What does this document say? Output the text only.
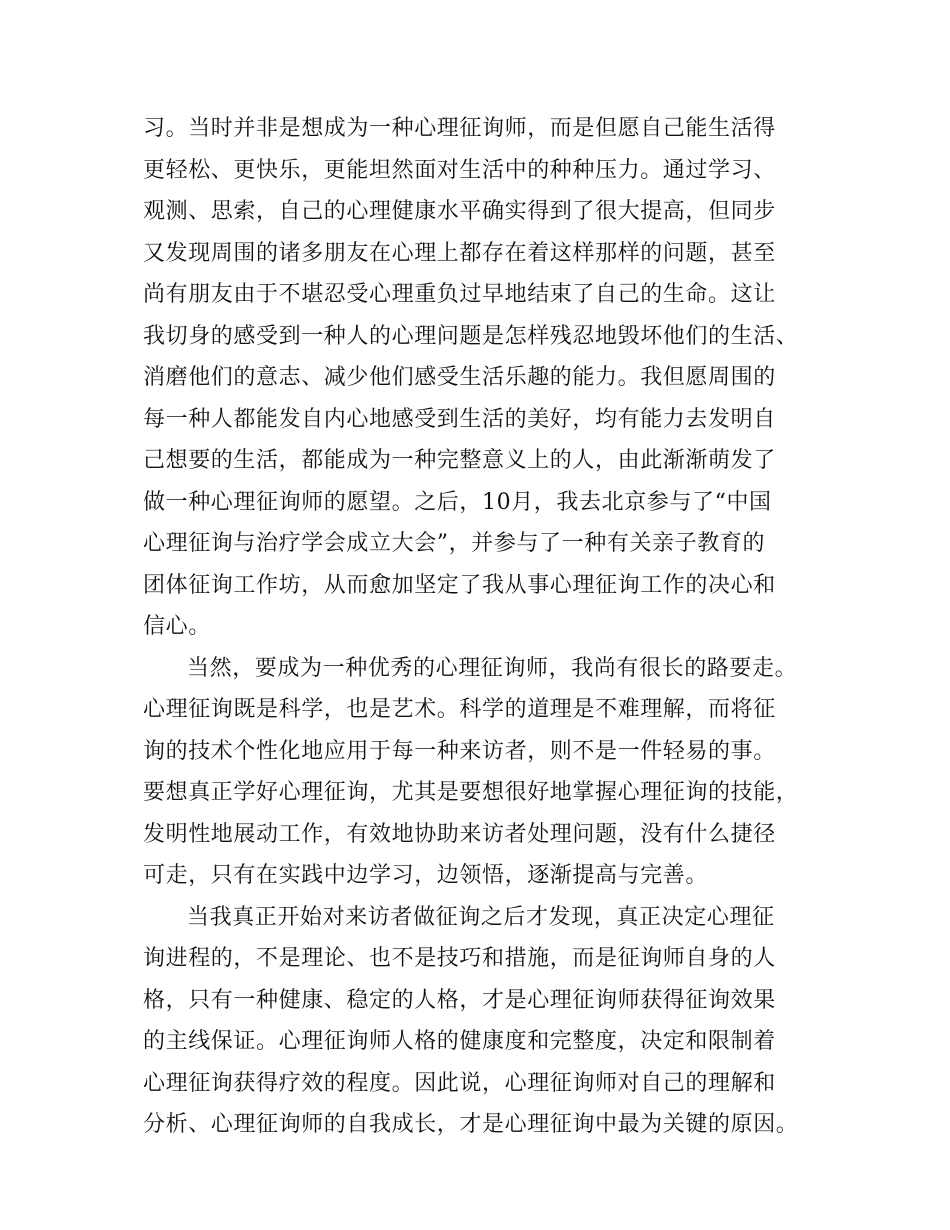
习。当时并非是想成为一种心理征询师，而是但愿自己能生活得
更轻松、更快乐，更能坦然面对生活中的种种压力。通过学习、
观测、思索，自己的心理健康水平确实得到了很大提高，但同步
又发现周围的诸多朋友在心理上都存在着这样那样的问题，甚至
尚有朋友由于不堪忍受心理重负过早地结束了自己的生命。这让
我切身的感受到一种人的心理问题是怎样残忍地毁坏他们的生活、
消磨他们的意志、减少他们感受生活乐趣的能力。我但愿周围的
每一种人都能发自内心地感受到生活的美好，均有能力去发明自
己想要的生活，都能成为一种完整意义上的人，由此渐渐萌发了
做一种心理征询师的愿望。之后，10月，我去北京参与了“中国
心理征询与治疗学会成立大会”，并参与了一种有关亲子教育的
团体征询工作坊，从而愈加坚定了我从事心理征询工作的决心和
信心。
当然，要成为一种优秀的心理征询师，我尚有很长的路要走。
心理征询既是科学，也是艺术。科学的道理是不难理解，而将征
询的技术个性化地应用于每一种来访者，则不是一件轻易的事。
要想真正学好心理征询，尤其是要想很好地掌握心理征询的技能，
发明性地展动工作，有效地协助来访者处理问题，没有什么捷径
可走，只有在实践中边学习，边领悟，逐渐提高与完善。
当我真正开始对来访者做征询之后才发现，真正决定心理征
询进程的，不是理论、也不是技巧和措施，而是征询师自身的人
格，只有一种健康、稳定的人格，才是心理征询师获得征询效果
的主线保证。心理征询师人格的健康度和完整度，决定和限制着
心理征询获得疗效的程度。因此说，心理征询师对自己的理解和
分析、心理征询师的自我成长，才是心理征询中最为关键的原因。
